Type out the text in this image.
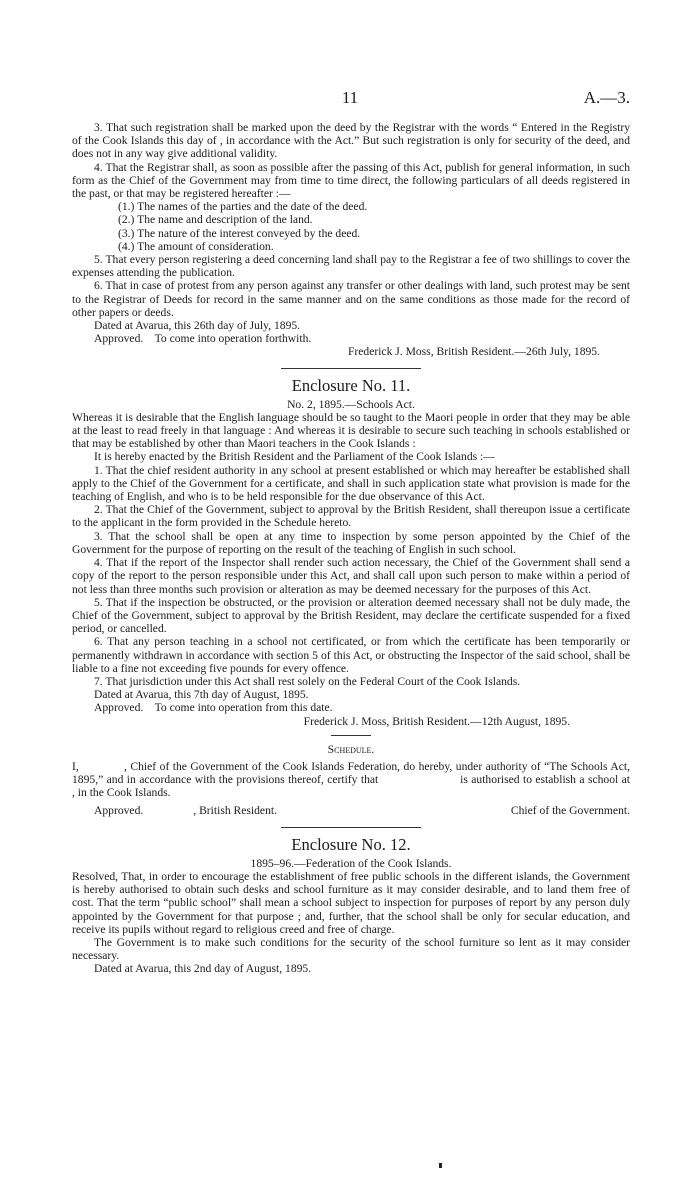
11	A.—3.

3. That such registration shall be marked upon the deed by the Registrar with the words “ Entered in the Registry of the Cook Islands this day of , in accordance with the Act.” But such registration is only for security of the deed, and does not in any way give additional validity.

4. That the Registrar shall, as soon as possible after the passing of this Act, publish for general information, in such form as the Chief of the Government may from time to time direct, the following particulars of all deeds registered in the past, or that may be registered hereafter :—

(1.) The names of the parties and the date of the deed.

(2.) The name and description of the land.

(3.) The nature of the interest conveyed by the deed.

(4.) The amount of consideration.

5. That every person registering a deed concerning land shall pay to the Registrar a fee of two shillings to cover the expenses attending the publication.

6. That in case of protest from any person against any transfer or other dealings with land, such protest may be sent to the Registrar of Deeds for record in the same manner and on the same conditions as those made for the record of other papers or deeds.

Dated at Avarua, this 26th day of July, 1895.

Approved.    To come into operation forthwith.

Frederick J. Moss, British Resident.—26th July, 1895.

Enclosure No. 11.

No. 2, 1895.—Schools Act.

Whereas it is desirable that the English language should be so taught to the Maori people in order that they may be able at the least to read freely in that language : And whereas it is desirable to secure such teaching in schools established or that may be established by other than Maori teachers in the Cook Islands :

It is hereby enacted by the British Resident and the Parliament of the Cook Islands :—

1. That the chief resident authority in any school at present established or which may hereafter be established shall apply to the Chief of the Government for a certificate, and shall in such application state what provision is made for the teaching of English, and who is to be held responsible for the due observance of this Act.

2. That the Chief of the Government, subject to approval by the British Resident, shall thereupon issue a certificate to the applicant in the form provided in the Schedule hereto.

3. That the school shall be open at any time to inspection by some person appointed by the Chief of the Government for the purpose of reporting on the result of the teaching of English in such school.

4. That if the report of the Inspector shall render such action necessary, the Chief of the Government shall send a copy of the report to the person responsible under this Act, and shall call upon such person to make within a period of not less than three months such provision or alteration as may be deemed necessary for the purposes of this Act.

5. That if the inspection be obstructed, or the provision or alteration deemed necessary shall not be duly made, the Chief of the Government, subject to approval by the British Resident, may declare the certificate suspended for a fixed period, or cancelled.

6. That any person teaching in a school not certificated, or from which the certificate has been temporarily or permanently withdrawn in accordance with section 5 of this Act, or obstructing the Inspector of the said school, shall be liable to a fine not exceeding five pounds for every offence.

7. That jurisdiction under this Act shall rest solely on the Federal Court of the Cook Islands.

Dated at Avarua, this 7th day of August, 1895.

Approved.    To come into operation from this date.

Frederick J. Moss, British Resident.—12th August, 1895.

Schedule.

I,             , Chief of the Government of the Cook Islands Federation, do hereby, under authority of “The Schools Act, 1895,” and in accordance with the provisions thereof, certify that                        is authorised to establish a school at              , in the Cook Islands.

Approved.	, British Resident.	Chief of the Government.
Enclosure No. 12.

1895–96.—Federation of the Cook Islands.

Resolved, That, in order to encourage the establishment of free public schools in the different islands, the Government is hereby authorised to obtain such desks and school furniture as it may consider desirable, and to land them free of cost. That the term “public school” shall mean a school subject to inspection for purposes of report by any person duly appointed by the Government for that purpose ; and, further, that the school shall be only for secular education, and receive its pupils without regard to religious creed and free of charge.

The Government is to make such conditions for the security of the school furniture so lent as it may consider necessary.

Dated at Avarua, this 2nd day of August, 1895.
